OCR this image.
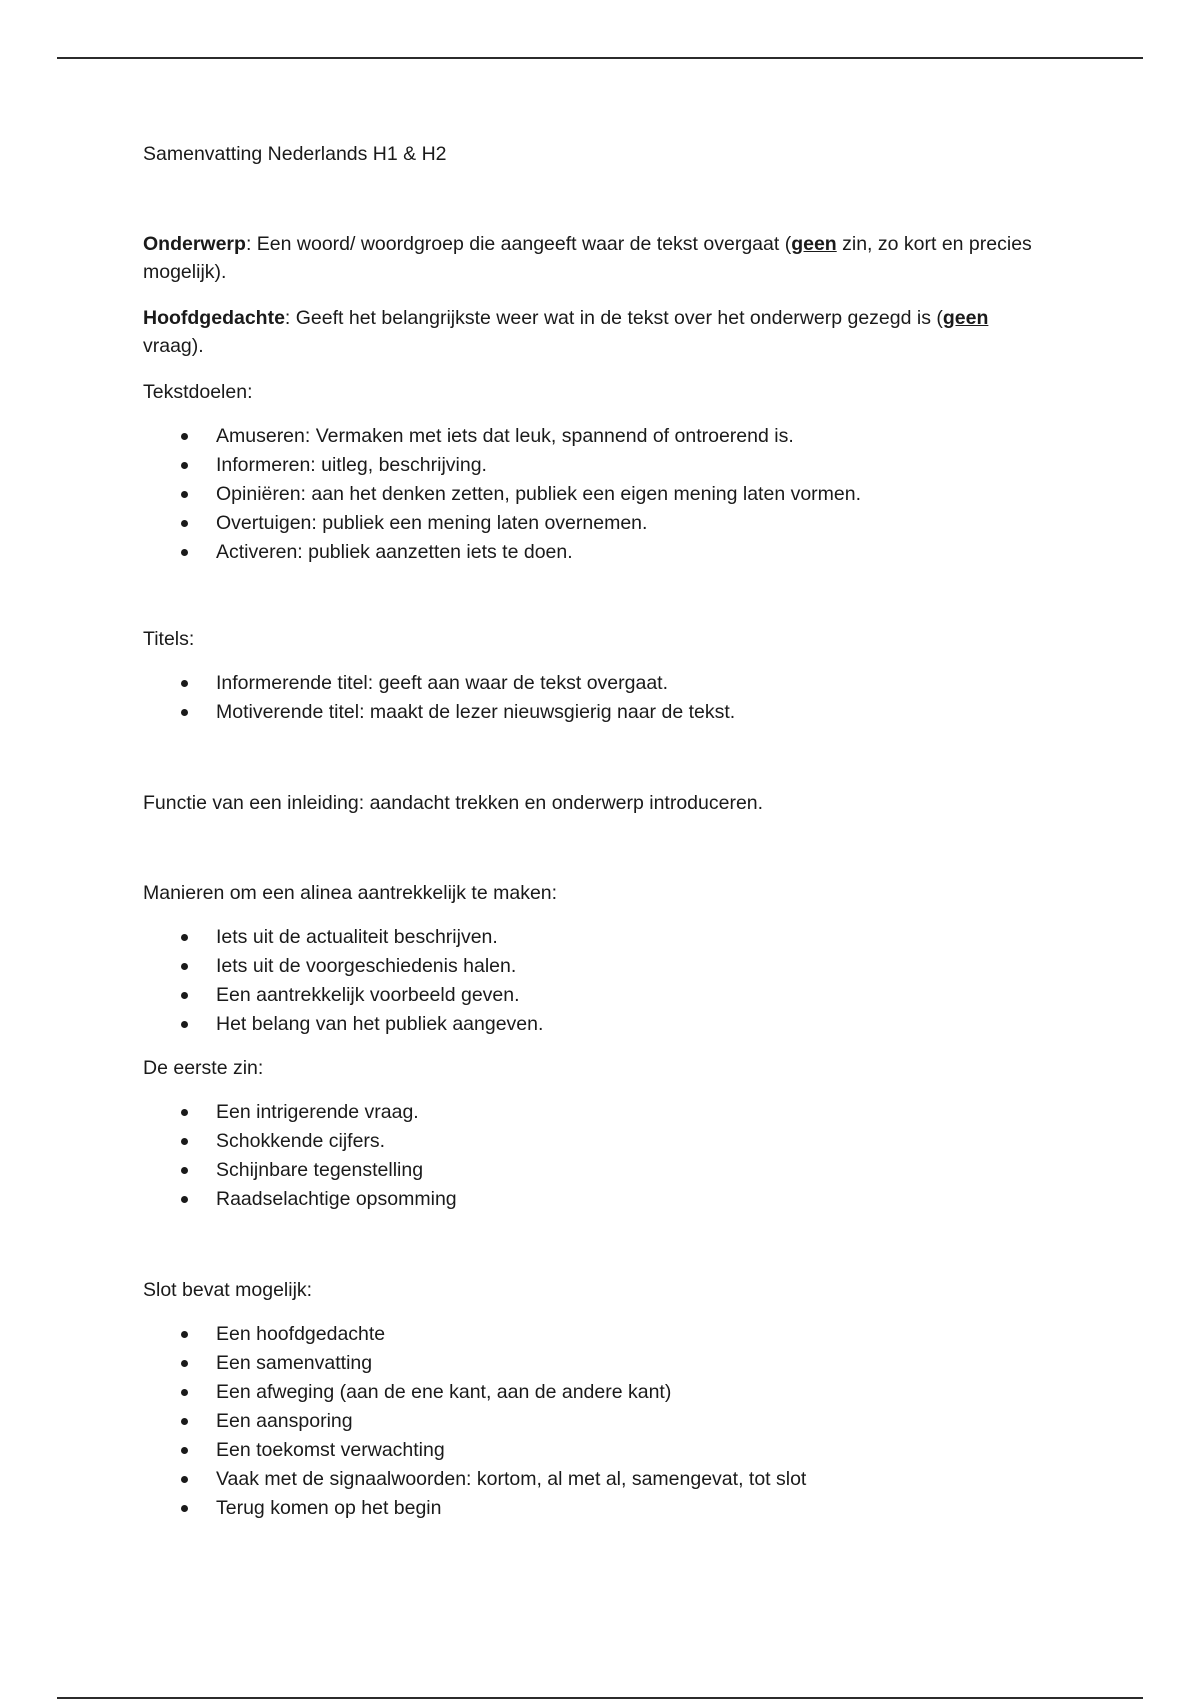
Samenvatting Nederlands H1 & H2

Onderwerp: Een woord/ woordgroep die aangeeft waar de tekst overgaat (geen zin, zo kort en precies mogelijk).

Hoofdgedachte: Geeft het belangrijkste weer wat in de tekst over het onderwerp gezegd is (geen vraag).

Tekstdoelen:

Amuseren: Vermaken met iets dat leuk, spannend of ontroerend is.
Informeren: uitleg, beschrijving.
Opiniëren: aan het denken zetten, publiek een eigen mening laten vormen.
Overtuigen: publiek een mening laten overnemen.
Activeren: publiek aanzetten iets te doen.

Titels:

Informerende titel: geeft aan waar de tekst overgaat.
Motiverende titel: maakt de lezer nieuwsgierig naar de tekst.

Functie van een inleiding: aandacht trekken en onderwerp introduceren.

Manieren om een alinea aantrekkelijk te maken:

Iets uit de actualiteit beschrijven.
Iets uit de voorgeschiedenis halen.
Een aantrekkelijk voorbeeld geven.
Het belang van het publiek aangeven.

De eerste zin:

Een intrigerende vraag.
Schokkende cijfers.
Schijnbare tegenstelling
Raadselachtige opsomming

Slot bevat mogelijk:

Een hoofdgedachte
Een samenvatting
Een afweging (aan de ene kant, aan de andere kant)
Een aansporing
Een toekomst verwachting
Vaak met de signaalwoorden: kortom, al met al, samengevat, tot slot
Terug komen op het begin
